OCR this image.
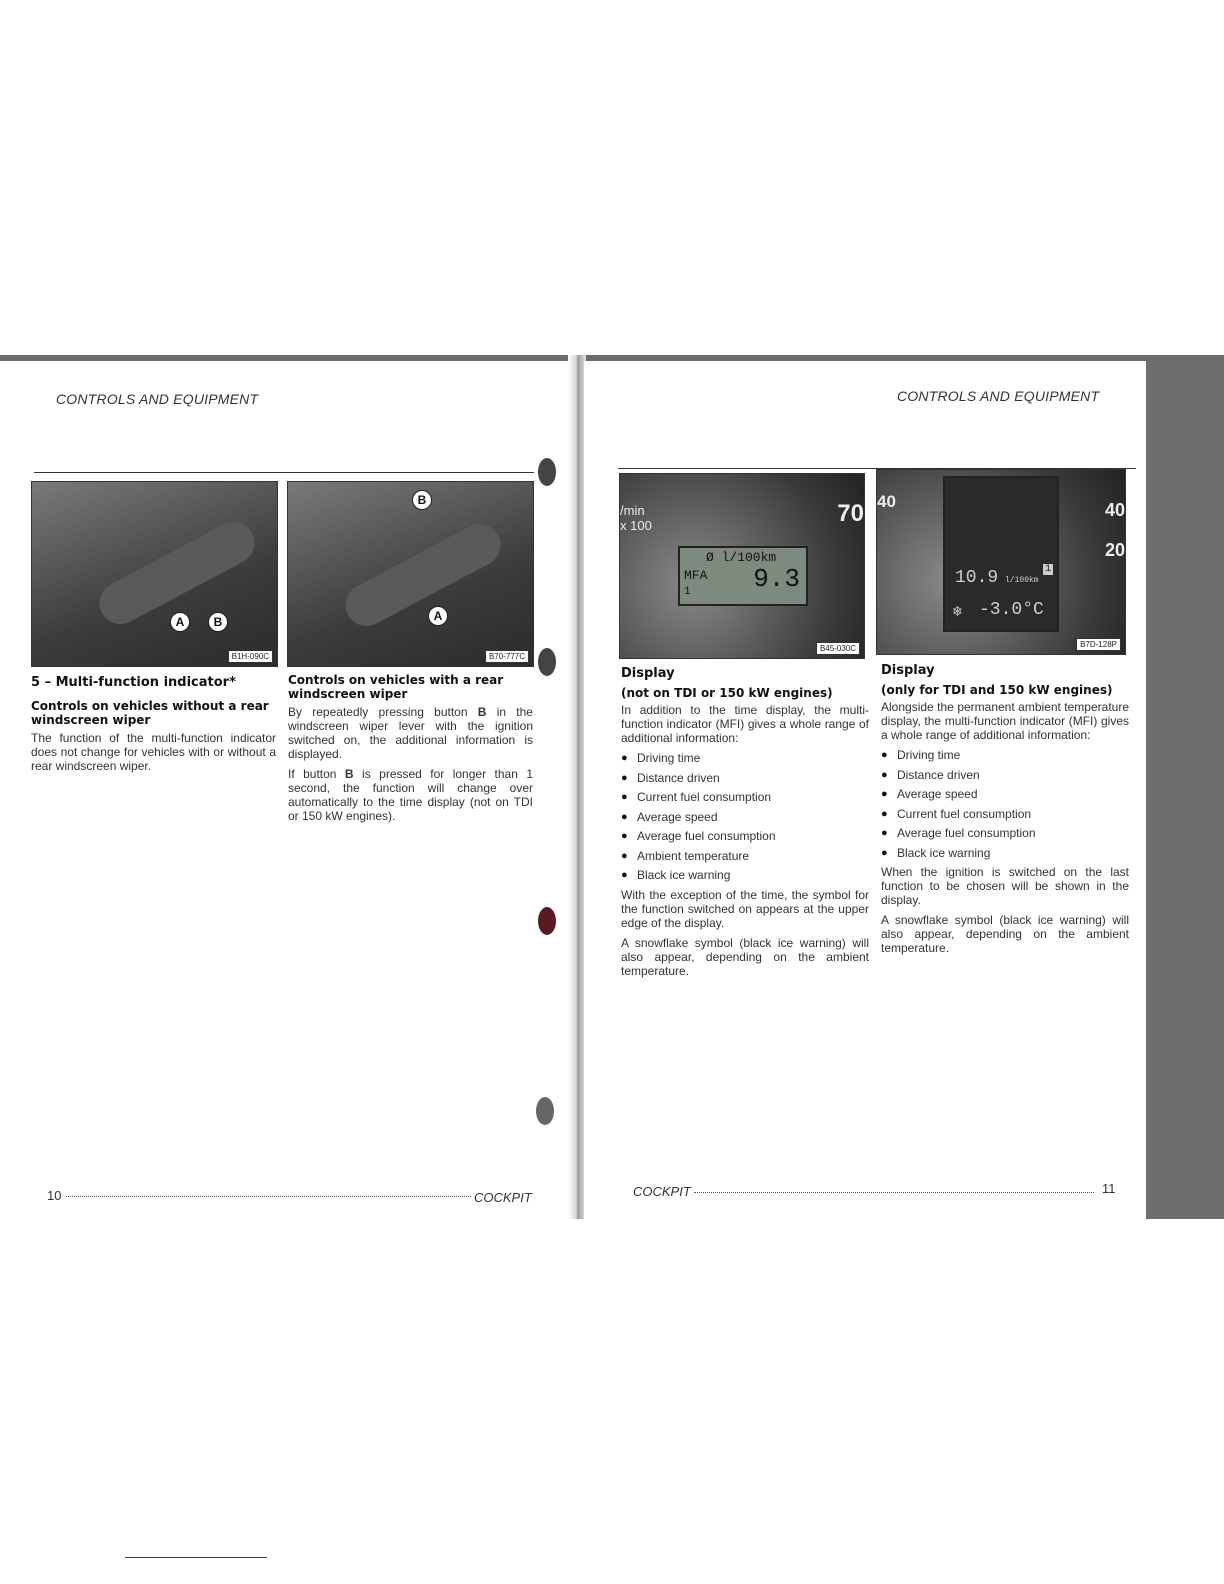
CONTROLS AND EQUIPMENT
A	B
B1H-090C
B
A
B70-777C
5 – Multi-function indicator*
Controls on vehicles without a rear windscreen wiper

The function of the multi-function indicator does not change for vehicles with or without a rear windscreen wiper.

Controls on vehicles with a rear windscreen wiper

By repeatedly pressing button B in the windscreen wiper lever with the ignition switched on, the additional information is displayed.

If button B is pressed for longer than 1 second, the function will change over automatically to the time display (not on TDI or 150 kW engines).

10	COCKPIT
CONTROLS AND EQUIPMENT
/min
x 100	70
Ø l/100km
MFA
1 9.3
B45-030C
40	40
20
10.9 l/100km
1
❄ -3.0°C
B7D-128P
Display
(not on TDI or 150 kW engines)

In addition to the time display, the multi-function indicator (MFI) gives a whole range of additional information:

● Driving time
● Distance driven
● Current fuel consumption
● Average speed
● Average fuel consumption
● Ambient temperature
● Black ice warning

With the exception of the time, the symbol for the function switched on appears at the upper edge of the display.

A snowflake symbol (black ice warning) will also appear, depending on the ambient temperature.

Display
(only for TDI and 150 kW engines)

Alongside the permanent ambient temperature display, the multi-function indicator (MFI) gives a whole range of additional information:

● Driving time
● Distance driven
● Average speed
● Current fuel consumption
● Average fuel consumption
● Black ice warning

When the ignition is switched on the last function to be chosen will be shown in the display.

A snowflake symbol (black ice warning) will also appear, depending on the ambient temperature.

COCKPIT	11
